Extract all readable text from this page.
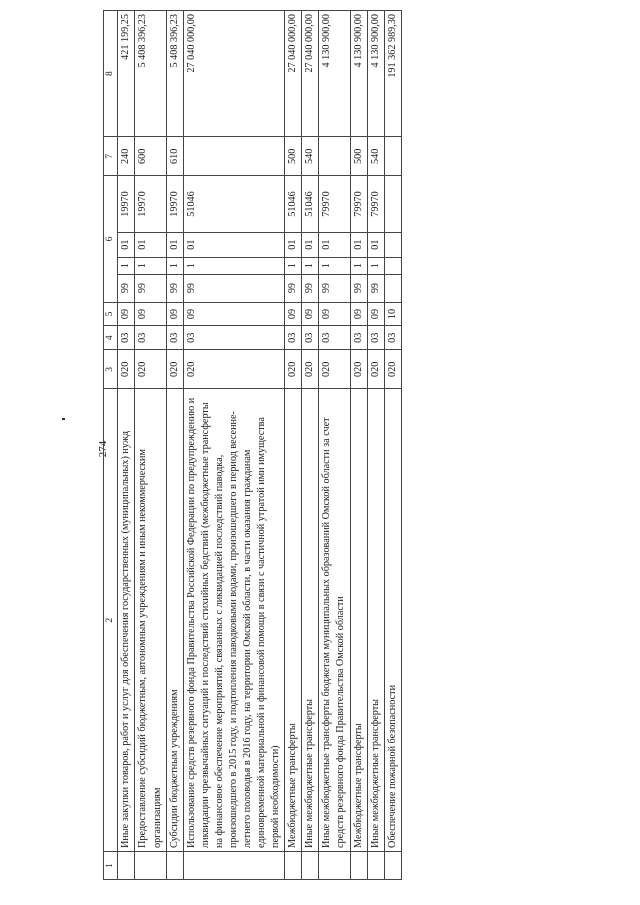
274
1	2	3	4	5	6				7	8
	Иные закупки товаров, работ и услуг для обеспечения государственных (муниципальных) нужд	020	03	09	99	1	01	19970	240	421 199,25
	Предоставление субсидий бюджетным, автономным учреждениям и иным некоммерческим организациям	020	03	09	99	1	01	19970	600	5 408 396,23
	Субсидии бюджетным учреждениям	020	03	09	99	1	01	19970	610	5 408 396,23
	Использование средств резервного фонда Правительства Российской Федерации по предупреждению и ликвидации чрезвычайных ситуаций и последствий стихийных бедствий (межбюджетные трансферты на финансовое обеспечение мероприятий, связанных с ликвидацией последствий паводка, произошедшего в 2015 году, и подтопления паводковыми водами, произошедшего в период весенне-летнего половодья в 2016 году, на территории Омской области, в части оказания гражданам единовременной материальной и финансовой помощи в связи с частичной утратой ими имущества первой необходимости)	020	03	09	99	1	01	51046		27 040 000,00
	Межбюджетные трансферты	020	03	09	99	1	01	51046	500	27 040 000,00
	Иные межбюджетные трансферты	020	03	09	99	1	01	51046	540	27 040 000,00
	Иные межбюджетные трансферты бюджетам муниципальных образований Омской области за счет средств резервного фонда Правительства Омской области	020	03	09	99	1	01	79970		4 130 900,00
	Межбюджетные трансферты	020	03	09	99	1	01	79970	500	4 130 900,00
	Иные межбюджетные трансферты	020	03	09	99	1	01	79970	540	4 130 900,00
	Обеспечение пожарной безопасности	020	03	10						191 362 989,30
